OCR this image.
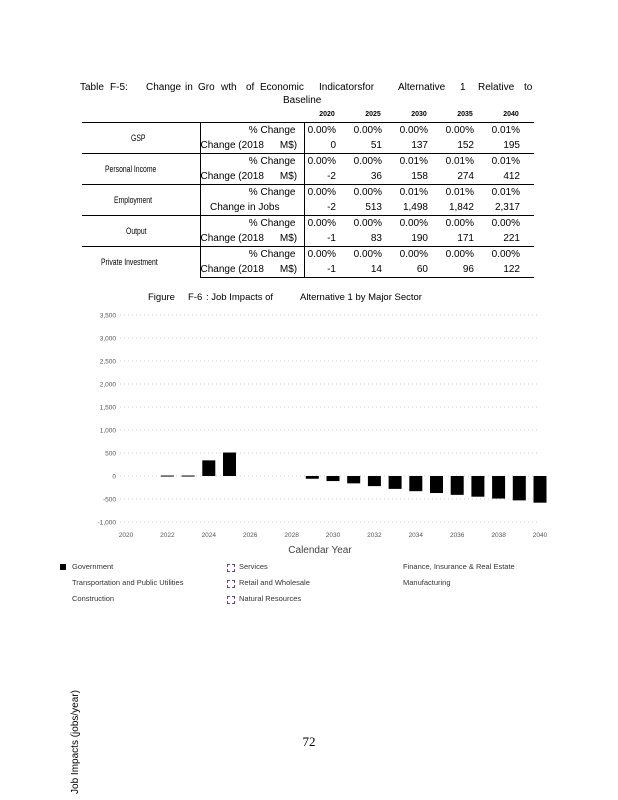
Table F-5: Change in Gro wth of Economic Indicatorsfor Alternative 1 Relative to
Baseline
		2020	2025	2030	2035	2040
GSP	% Change	0.00%	0.00%	0.00%	0.00%	0.01%
	Change (2018 M$)	0	51	137	152	195
Personal Income	% Change	0.00%	0.00%	0.01%	0.01%	0.01%
	Change (2018 M$)	-2	36	158	274	412
Employment	% Change	0.00%	0.00%	0.01%	0.01%	0.01%
	Change in Jobs	-2	513	1,498	1,842	2,317
Output	% Change	0.00%	0.00%	0.00%	0.00%	0.00%
	Change (2018 M$)	-1	83	190	171	221
Private Investment	% Change	0.00%	0.00%	0.00%	0.00%	0.00%
	Change (2018 M$)	-1	14	60	96	122
Figure F-6 : Job Impacts of	Alternative 1 by Major Sector
Job Impacts (jobs/year)
Calendar Year
3,500
3,000
2,500
2,000
1,500
1,000
500
0
-500
-1,000
2020	2022	2024	2026	2028	2030	2032	2034	2036	2038	2040
Government	Services	Finance, Insurance & Real Estate
Transportation and Public Utilities	Retail and Wholesale	Manufacturing
Construction	Natural Resources
72
